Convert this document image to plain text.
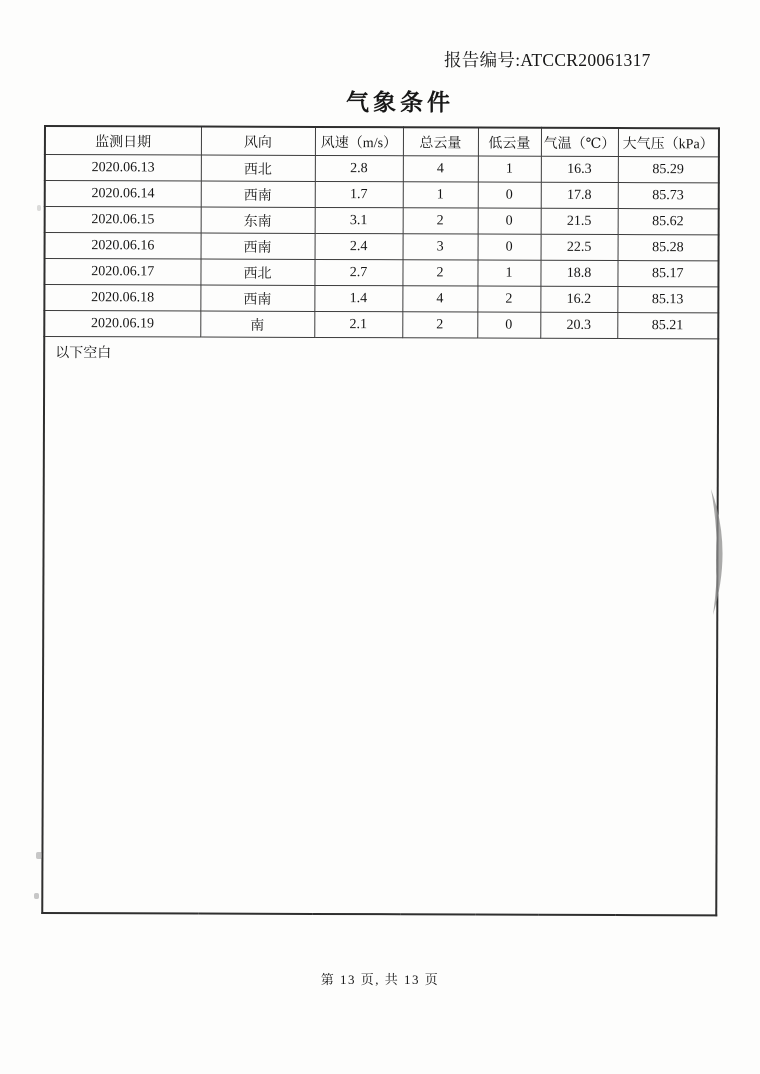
报告编号:ATCCR20061317
气象条件
监测日期	风向	风速（m/s）	总云量	低云量	气温（℃）	大气压（kPa）
2020.06.13	西北	2.8	4	1	16.3	85.29
2020.06.14	西南	1.7	1	0	17.8	85.73
2020.06.15	东南	3.1	2	0	21.5	85.62
2020.06.16	西南	2.4	3	0	22.5	85.28
2020.06.17	西北	2.7	2	1	18.8	85.17
2020.06.18	西南	1.4	4	2	16.2	85.13
2020.06.19	南	2.1	2	0	20.3	85.21
以下空白						
第 13 页, 共 13 页
